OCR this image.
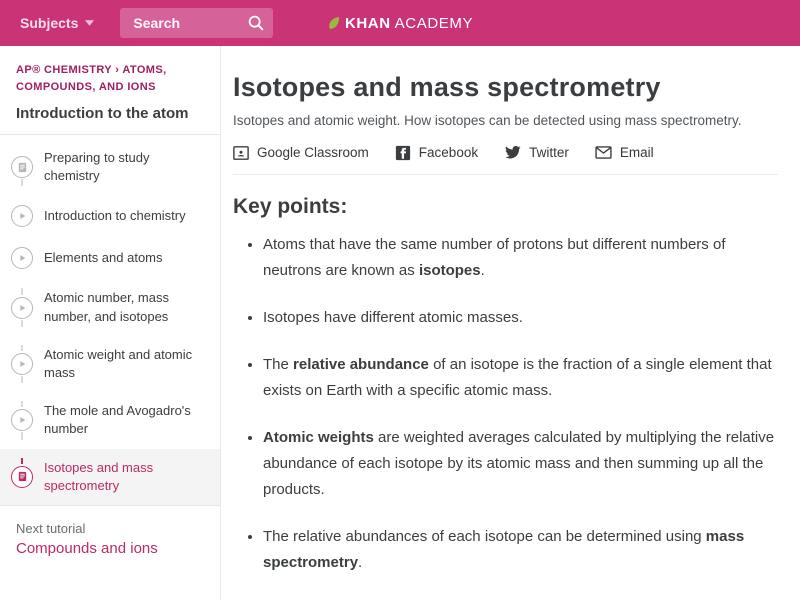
Subjects
Search	KHAN ACADEMY
AP® CHEMISTRY › ATOMS, COMPOUNDS, AND IONS
Introduction to the atom
Preparing to study chemistry
Introduction to chemistry
Elements and atoms
Atomic number, mass number, and isotopes
Atomic weight and atomic mass
The mole and Avogadro's number
Isotopes and mass spectrometry
Next tutorial
Compounds and ions
Isotopes and mass spectrometry

Isotopes and atomic weight. How isotopes can be detected using mass spectrometry.

Google Classroom	Facebook	Twitter	Email
Key points:
• Atoms that have the same number of protons but different numbers of neutrons are known as isotopes.
• Isotopes have different atomic masses.
• The relative abundance of an isotope is the fraction of a single element that exists on Earth with a specific atomic mass.
• Atomic weights are weighted averages calculated by multiplying the relative abundance of each isotope by its atomic mass and then summing up all the products.
• The relative abundances of each isotope can be determined using mass spectrometry.
